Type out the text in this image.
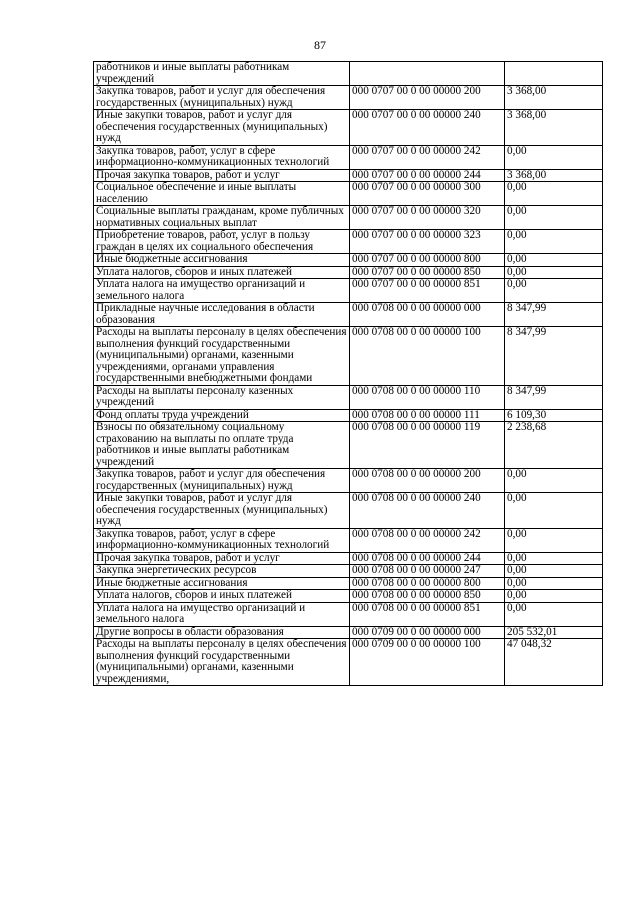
87
работников и иные выплаты работникам учреждений		
Закупка товаров, работ и услуг для обеспечения государственных (муниципальных) нужд	000 0707 00 0 00 00000 200	3 368,00
Иные закупки товаров, работ и услуг для обеспечения государственных (муниципальных) нужд	000 0707 00 0 00 00000 240	3 368,00
Закупка товаров, работ, услуг в сфере информационно-коммуникационных технологий	000 0707 00 0 00 00000 242	0,00
Прочая закупка товаров, работ и услуг	000 0707 00 0 00 00000 244	3 368,00
Социальное обеспечение и иные выплаты населению	000 0707 00 0 00 00000 300	0,00
Социальные выплаты гражданам, кроме публичных нормативных социальных выплат	000 0707 00 0 00 00000 320	0,00
Приобретение товаров, работ, услуг в пользу граждан в целях их социального обеспечения	000 0707 00 0 00 00000 323	0,00
Иные бюджетные ассигнования	000 0707 00 0 00 00000 800	0,00
Уплата налогов, сборов и иных платежей	000 0707 00 0 00 00000 850	0,00
Уплата налога на имущество организаций и земельного налога	000 0707 00 0 00 00000 851	0,00
Прикладные научные исследования в области образования	000 0708 00 0 00 00000 000	8 347,99
Расходы на выплаты персоналу в целях обеспечения выполнения функций государственными (муниципальными) органами, казенными учреждениями, органами управления государственными внебюджетными фондами	000 0708 00 0 00 00000 100	8 347,99
Расходы на выплаты персоналу казенных учреждений	000 0708 00 0 00 00000 110	8 347,99
Фонд оплаты труда учреждений	000 0708 00 0 00 00000 111	6 109,30
Взносы по обязательному социальному страхованию на выплаты по оплате труда работников и иные выплаты работникам учреждений	000 0708 00 0 00 00000 119	2 238,68
Закупка товаров, работ и услуг для обеспечения государственных (муниципальных) нужд	000 0708 00 0 00 00000 200	0,00
Иные закупки товаров, работ и услуг для обеспечения государственных (муниципальных) нужд	000 0708 00 0 00 00000 240	0,00
Закупка товаров, работ, услуг в сфере информационно-коммуникационных технологий	000 0708 00 0 00 00000 242	0,00
Прочая закупка товаров, работ и услуг	000 0708 00 0 00 00000 244	0,00
Закупка энергетических ресурсов	000 0708 00 0 00 00000 247	0,00
Иные бюджетные ассигнования	000 0708 00 0 00 00000 800	0,00
Уплата налогов, сборов и иных платежей	000 0708 00 0 00 00000 850	0,00
Уплата налога на имущество организаций и земельного налога	000 0708 00 0 00 00000 851	0,00
Другие вопросы в области образования	000 0709 00 0 00 00000 000	205 532,01
Расходы на выплаты персоналу в целях обеспечения выполнения функций государственными (муниципальными) органами, казенными учреждениями,	000 0709 00 0 00 00000 100	47 048,32
